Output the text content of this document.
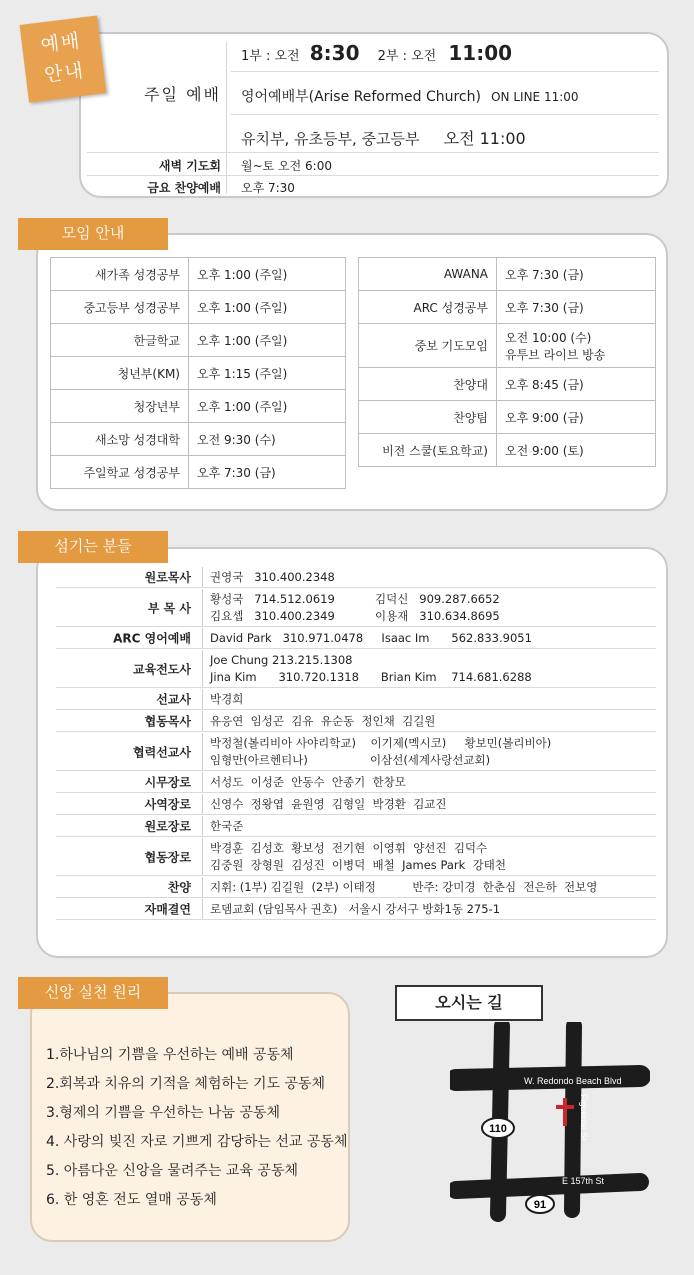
주일 예배
1부 : 오전 8:30 2부 : 오전 11:00
영어예배부(Arise Reformed Church) ON LINE 11:00
유치부, 유초등부, 중고등부 오전 11:00
새벽 기도회 월~토 오전 6:00
금요 찬양예배 오후 7:30
예배
안내
새가족 성경공부	오후 1:00 (주일)

중고등부 성경공부	오후 1:00 (주일)

한글학교	오후 1:00 (주일)

청년부(KM)	오후 1:15 (주일)

청장년부	오후 1:00 (주일)

새소망 성경대학	오전 9:30 (수)

주일학교 성경공부	오후 7:30 (금)
AWANA	오후 7:30 (금)

ARC 성경공부	오후 7:30 (금)

중보 기도모임	오전 10:00 (수)
유투브 라이브 방송

찬양대	오후 8:45 (금)

찬양팀	오후 9:00 (금)

비전 스쿨(토요학교)	오전 9:00 (토)
모임 안내
원로목사 권영국   310.400.2348
부 목 사
황성국   714.512.0619           김덕신   909.287.6652
김요셉   310.400.2349           이용재   310.634.8695
ARC 영어예배 David Park   310.971.0478     Isaac Im      562.833.9051
교육전도사
Joe Chung 213.215.1308
Jina Kim      310.720.1318      Brian Kim    714.681.6288
선교사 박경희
협동목사 유응연  임성곤  김유  유순동  정인채  김길원
협력선교사
박정철(볼리비아 사야리학교)    이기제(멕시코)     황보민(볼리비아)
임형만(아르헨티나)                 이삼선(세계사랑선교회)
시무장로 서성도  이성준  안동수  안종기  한창모
사역장로 신영수  정왕엽  윤원영  김형일  박경환  김교진
원로장로 한국준
협동장로
박경훈  김성호  황보성  전기현  이영휘  양선진  김덕수
김중원  장형원  김성진  이병덕  배철  James Park  강태천
찬양 지휘: (1부) 김길원  (2부) 이태정          반주: 강미경  한춘심  전은하  전보영
자매결연 로뎀교회 (담임목사 권호)   서울시 강서구 방화1동 275-1
섬기는 분들
신앙 실천 원리
1.하나님의 기쁨을 우선하는 예배 공동체
2.회복과 치유의 기적을 체험하는 기도 공동체
3.형제의 기쁨을 우선하는 나눔 공동체
4. 사랑의 빚진 자로 기쁘게 감당하는 선교 공동체
5. 아름다운 신앙을 물려주는 교육 공동체
6. 한 영혼 전도 열매 공동체
오시는 길
W. Redondo Beach Blvd
Figueroa St
E 157th St
110
91
